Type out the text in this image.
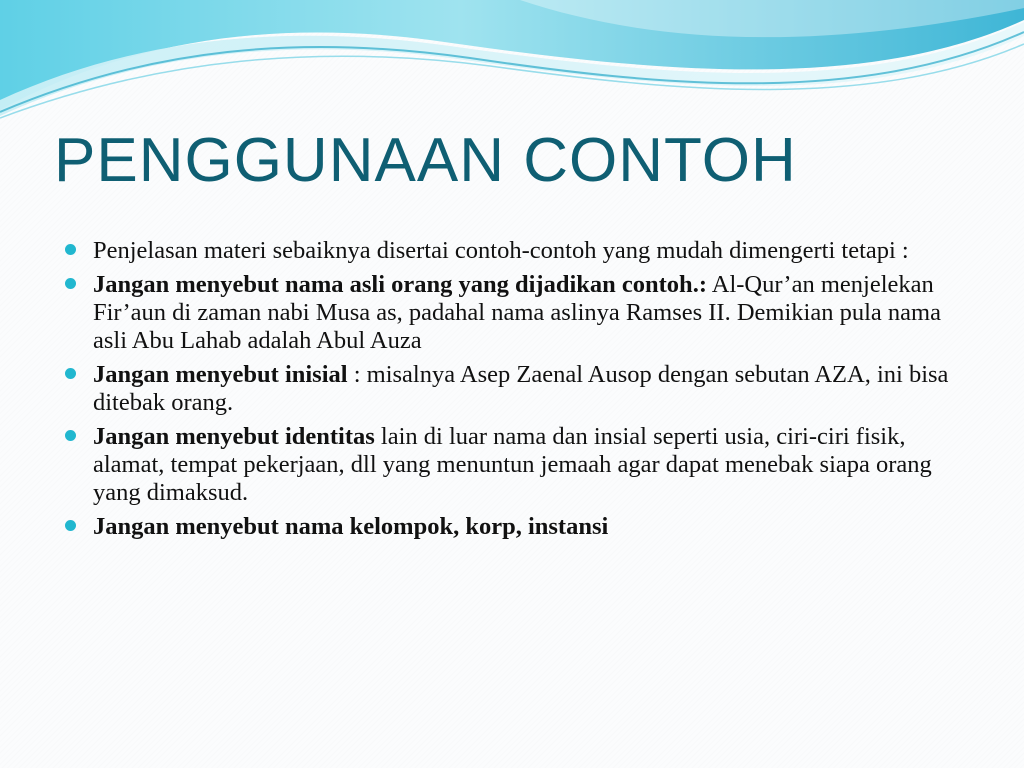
PENGGUNAAN CONTOH
Penjelasan materi sebaiknya disertai contoh-contoh yang mudah dimengerti tetapi :
Jangan menyebut nama asli orang yang dijadikan contoh.: Al-Qur’an menjelekan Fir’aun di zaman nabi Musa as, padahal nama aslinya Ramses II. Demikian pula nama asli Abu Lahab adalah Abul Auza
Jangan menyebut inisial : misalnya Asep Zaenal Ausop dengan sebutan AZA, ini bisa ditebak orang.
Jangan menyebut identitas lain di luar nama dan insial seperti usia, ciri-ciri fisik, alamat, tempat pekerjaan, dll yang menuntun jemaah agar dapat menebak siapa orang yang dimaksud.
Jangan menyebut nama kelompok, korp, instansi
